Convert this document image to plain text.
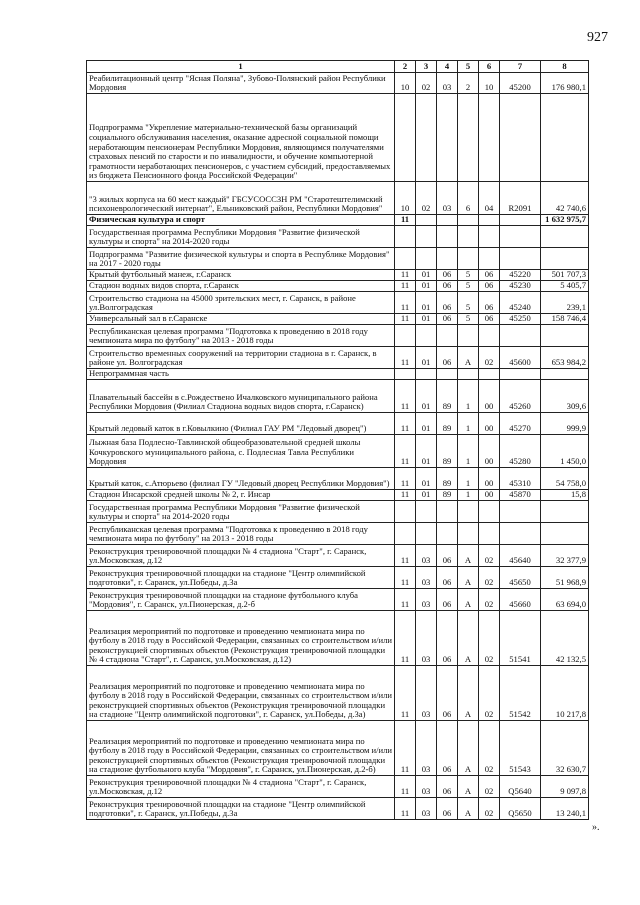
927
1	2	3	4	5	6	7	8
Реабилитационный центр "Ясная Поляна", Зубово-Полянский район Республики Мордовия	10	02	03	2	10	45200	176 980,1
Подпрограмма "Укрепление материально-технической базы организаций социального обслуживания населения, оказание адресной социальной помощи неработающим пенсионерам Республики Мордовия, являющимся получателями страховых пенсий по старости и по инвалидности, и обучение компьютерной грамотности неработающих пенсионеров, с участием субсидий, предоставляемых из бюджета Пенсионного фонда Российской Федерации"							
"3 жилых корпуса на 60 мест каждый" ГБСУСОССЗН РМ "Старотештелимский психоневрологический интернат", Ельниковский район, Республики Мордовия"	10	02	03	6	04	R2091	42 740,6
Физическая культура и спорт	11						1 632 975,7
Государственная программа Республики Мордовия "Развитие физической культуры и спорта" на 2014-2020 годы							
Подпрограмма "Развитие физической культуры и спорта в Республике Мордовия" на 2017 - 2020 годы							
Крытый футбольный манеж, г.Саранск	11	01	06	5	06	45220	501 707,3
Стадион водных видов спорта, г.Саранск	11	01	06	5	06	45230	5 405,7
Строительство стадиона на 45000 зрительских мест, г. Саранск, в районе ул.Волгоградская	11	01	06	5	06	45240	239,1
Универсальный зал в г.Саранске	11	01	06	5	06	45250	158 746,4
Республиканская целевая программа "Подготовка к проведению в 2018 году чемпионата мира по футболу" на 2013 - 2018 годы							
Строительство временных сооружений на территории стадиона в г. Саранск, в районе ул. Волгоградская	11	01	06	А	02	45600	653 984,2
Непрограммная часть							
Плавательный бассейн в с.Рождествено Ичалковского муниципального района Республики Мордовия (Филиал Стадиона водных видов спорта, г.Саранск)	11	01	89	1	00	45260	309,6
Крытый ледовый каток в г.Ковылкино (Филиал ГАУ РМ "Ледовый дворец")	11	01	89	1	00	45270	999,9
Лыжная база Подлесно-Тавлинской общеобразовательной средней школы Кочкуровского муниципального района, с. Подлесная Тавла Республики Мордовия	11	01	89	1	00	45280	1 450,0
Крытый каток, с.Атюрьево (филиал ГУ "Ледовый дворец Республики Мордовия")	11	01	89	1	00	45310	54 758,0
Стадион Инсарской средней школы № 2, г. Инсар	11	01	89	1	00	45870	15,8
Государственная программа Республики Мордовия "Развитие физической культуры и спорта" на 2014-2020 годы							
Республиканская целевая программа "Подготовка к проведению в 2018 году чемпионата мира по футболу" на 2013 - 2018 годы							
Реконструкция тренировочной площадки № 4 стадиона "Старт", г. Саранск, ул.Московская, д.12	11	03	06	А	02	45640	32 377,9
Реконструкция тренировочной площадки на стадионе "Центр олимпийской подготовки", г. Саранск, ул.Победы, д.3а	11	03	06	А	02	45650	51 968,9
Реконструкция тренировочной площадки на стадионе футбольного клуба "Мордовия", г. Саранск, ул.Пионерская, д.2-б	11	03	06	А	02	45660	63 694,0
Реализация мероприятий по подготовке и проведению чемпионата мира по футболу в 2018 году в Российской Федерации, связанных со строительством и/или реконструкцией спортивных объектов (Реконструкция тренировочной площадки № 4 стадиона "Старт", г. Саранск, ул.Московская, д.12)	11	03	06	А	02	51541	42 132,5
Реализация мероприятий по подготовке и проведению чемпионата мира по футболу в 2018 году в Российской Федерации, связанных со строительством и/или реконструкцией спортивных объектов (Реконструкция тренировочной площадки на стадионе "Центр олимпийской подготовки", г. Саранск, ул.Победы, д.3а)	11	03	06	А	02	51542	10 217,8
Реализация мероприятий по подготовке и проведению чемпионата мира по футболу в 2018 году в Российской Федерации, связанных со строительством и/или реконструкцией спортивных объектов (Реконструкция тренировочной площадки на стадионе футбольного клуба "Мордовия", г. Саранск, ул.Пионерская, д.2-б)	11	03	06	А	02	51543	32 630,7
Реконструкция тренировочной площадки № 4 стадиона "Старт", г. Саранск, ул.Московская, д.12	11	03	06	А	02	Q5640	9 097,8
Реконструкция тренировочной площадки на стадионе "Центр олимпийской подготовки", г. Саранск, ул.Победы, д.3а	11	03	06	А	02	Q5650	13 240,1
».
